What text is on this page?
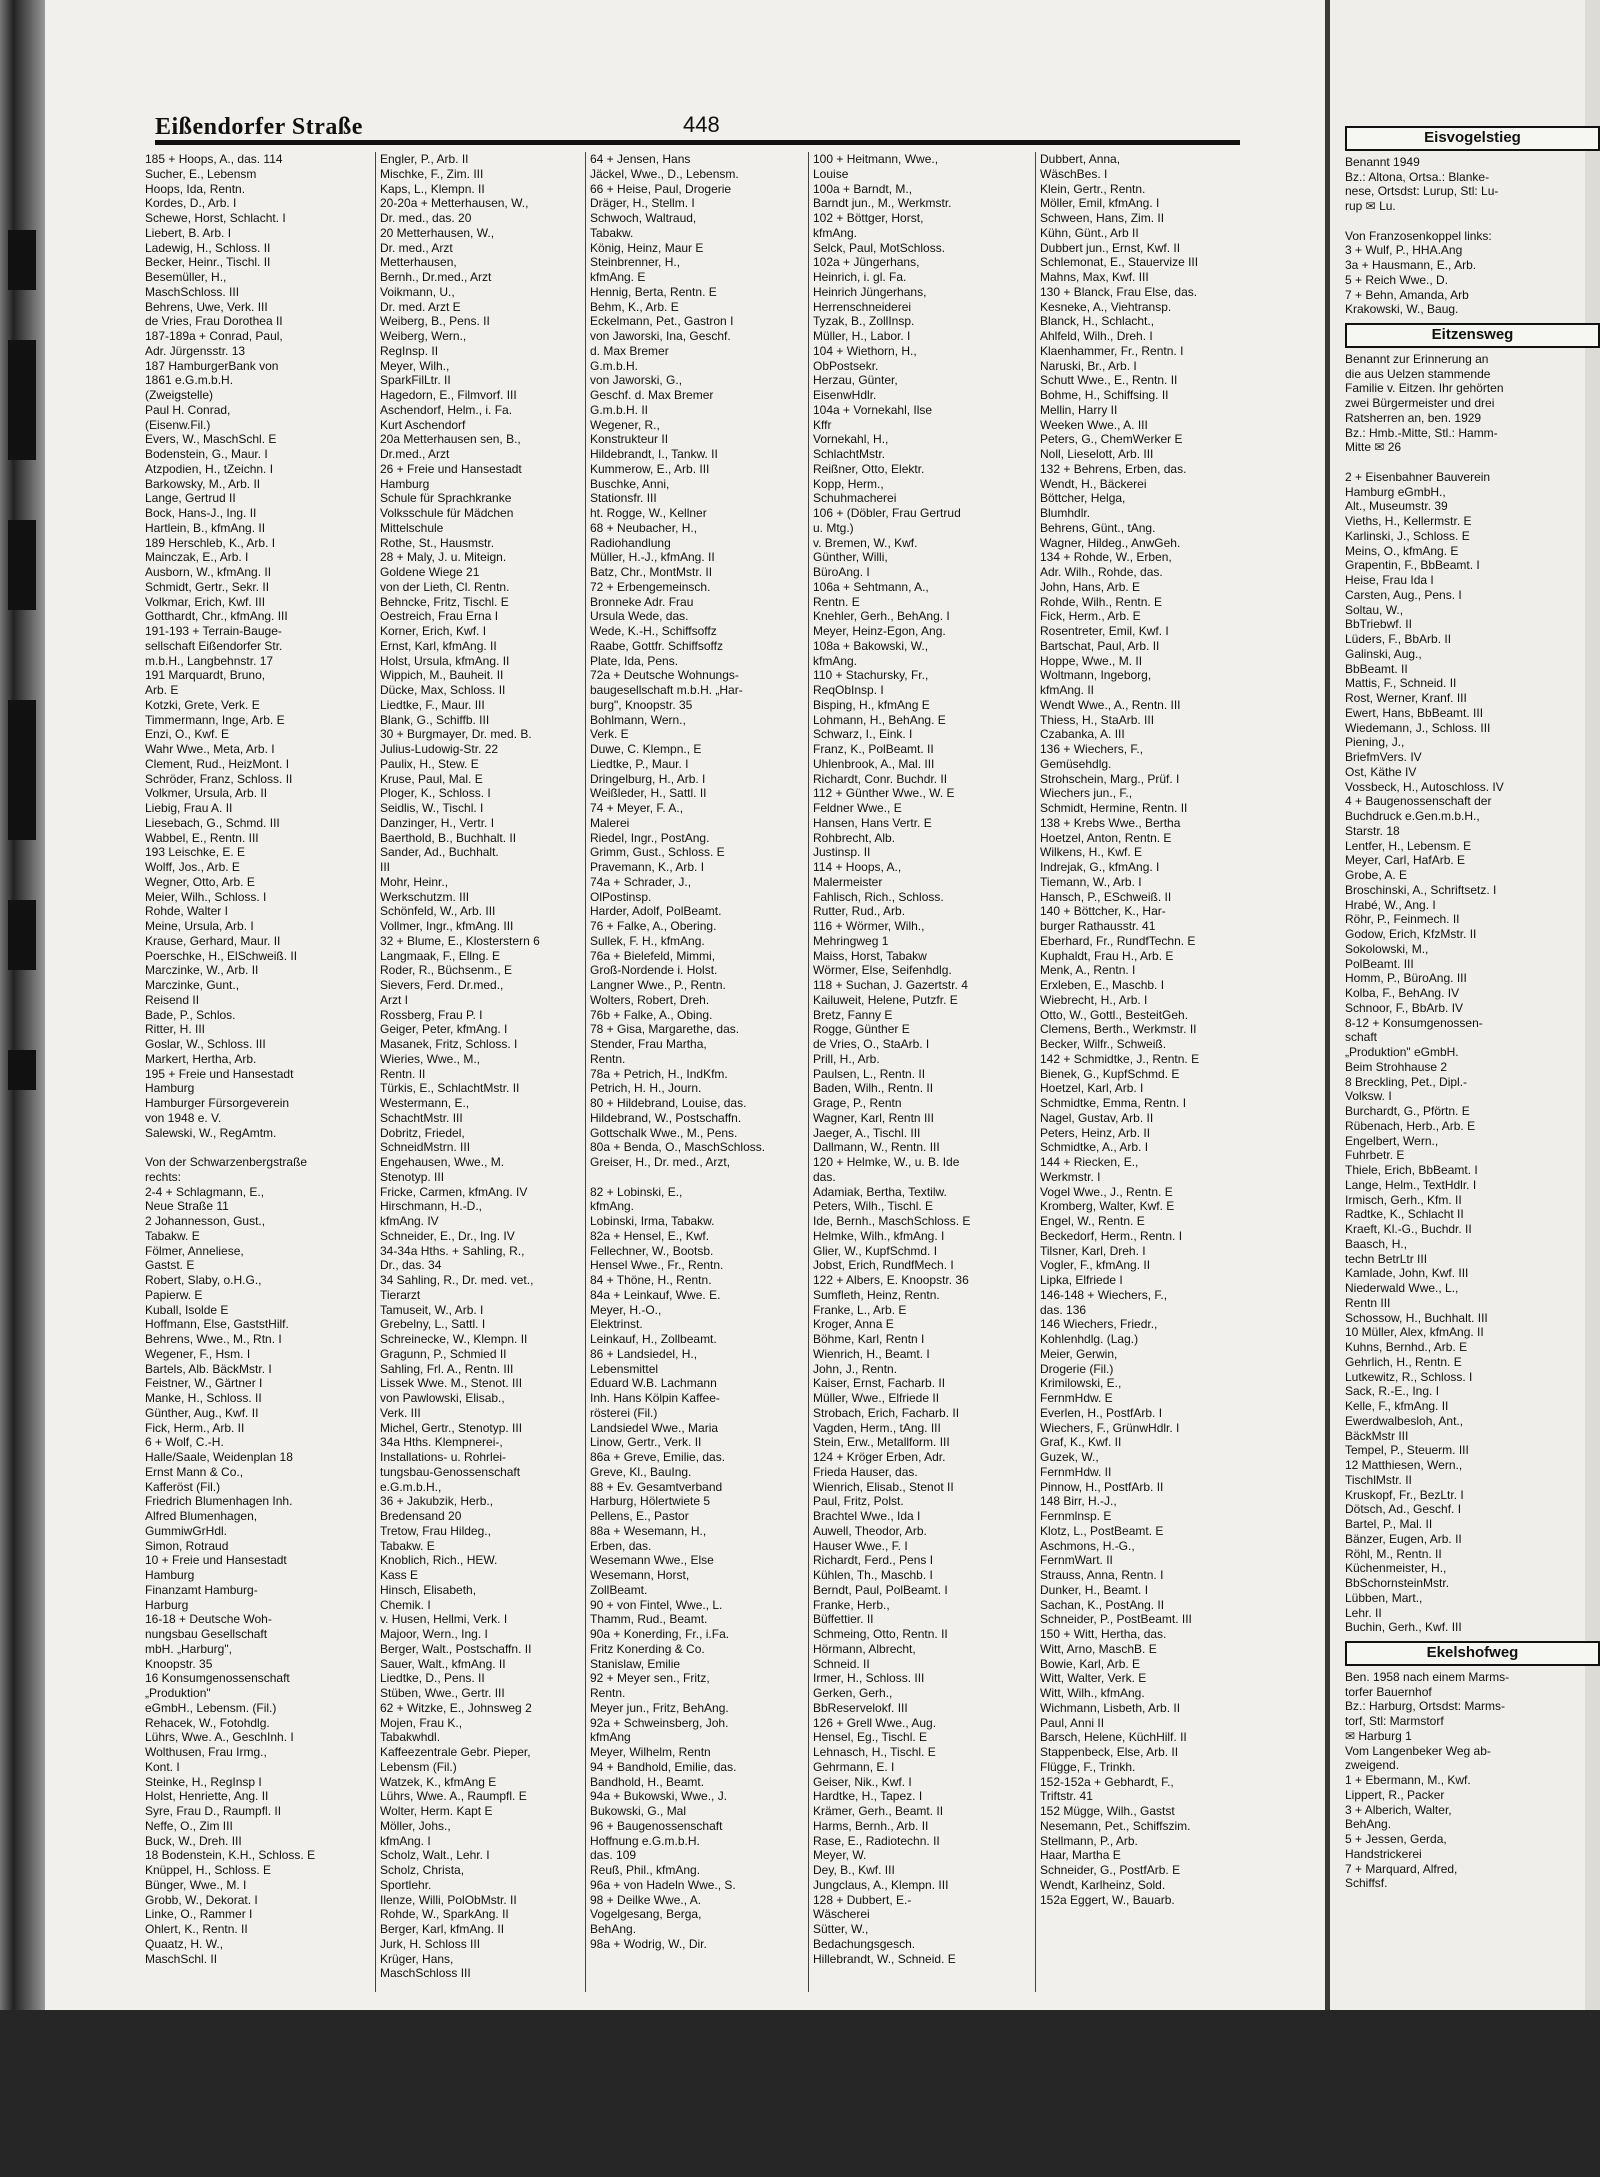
Eißendorfer Straße	448
185 + Hoops, A., das. 114
Sucher, E., Lebensm
Hoops, Ida, Rentn.
Kordes, D., Arb. I
Schewe, Horst, Schlacht. I
Liebert, B. Arb. I
Ladewig, H., Schloss. II
Becker, Heinr., Tischl. II
Besemüller, H.,
MaschSchloss. III
Behrens, Uwe, Verk. III
de Vries, Frau Dorothea II
187-189a + Conrad, Paul,
Adr. Jürgensstr. 13
187 HamburgerBank von
1861 e.G.m.b.H.
(Zweigstelle)
Paul H. Conrad,
(Eisenw.Fil.)
Evers, W., MaschSchl. E
Bodenstein, G., Maur. I
Atzpodien, H., tZeichn. I
Barkowsky, M., Arb. II
Lange, Gertrud II
Bock, Hans-J., Ing. II
Hartlein, B., kfmAng. II
189 Herschleb, K., Arb. I
Mainczak, E., Arb. I
Ausborn, W., kfmAng. II
Schmidt, Gertr., Sekr. II
Volkmar, Erich, Kwf. III
Gotthardt, Chr., kfmAng. III
191-193 + Terrain-Bauge-
sellschaft Eißendorfer Str.
m.b.H., Langbehnstr. 17
191 Marquardt, Bruno,
Arb. E
Kotzki, Grete, Verk. E
Timmermann, Inge, Arb. E
Enzi, O., Kwf. E
Wahr Wwe., Meta, Arb. I
Clement, Rud., HeizMont. I
Schröder, Franz, Schloss. II
Volkmer, Ursula, Arb. II
Liebig, Frau A. II
Liesebach, G., Schmd. III
Wabbel, E., Rentn. III
193 Leischke, E. E
Wolff, Jos., Arb. E
Wegner, Otto, Arb. E
Meier, Wilh., Schloss. I
Rohde, Walter I
Meine, Ursula, Arb. I
Krause, Gerhard, Maur. II
Poerschke, H., ElSchweiß. II
Marczinke, W., Arb. II
Marczinke, Gunt.,
Reisend II
Bade, P., Schlos.
Ritter, H. III
Goslar, W., Schloss. III
Markert, Hertha, Arb.
195 + Freie und Hansestadt
Hamburg
Hamburger Fürsorgeverein
von 1948 e. V.
Salewski, W., RegAmtm.

Von der Schwarzenbergstraße
rechts:
2-4 + Schlagmann, E.,
Neue Straße 11
2 Johannesson, Gust.,
Tabakw. E
Fölmer, Anneliese,
Gastst. E
Robert, Slaby, o.H.G.,
Papierw. E
Kuball, Isolde E
Hoffmann, Else, GaststHilf.
Behrens, Wwe., M., Rtn. I
Wegener, F., Hsm. I
Bartels, Alb. BäckMstr. I
Feistner, W., Gärtner I
Manke, H., Schloss. II
Günther, Aug., Kwf. II
Fick, Herm., Arb. II
6 + Wolf, C.-H.
Halle/Saale, Weidenplan 18
Ernst Mann & Co.,
Kafferöst (Fil.)
Friedrich Blumenhagen Inh.
Alfred Blumenhagen,
GummiwGrHdl.
Simon, Rotraud
10 + Freie und Hansestadt
Hamburg
Finanzamt Hamburg-
Harburg
16-18 + Deutsche Woh-
nungsbau Gesellschaft
mbH. „Harburg",
Knoopstr. 35
16 Konsumgenossenschaft
„Produktion"
eGmbH., Lebensm. (Fil.)
Rehacek, W., Fotohdlg.
Lührs, Wwe. A., GeschInh. I
Wolthusen, Frau Irmg.,
Kont. I
Steinke, H., RegInsp I
Holst, Henriette, Ang. II
Syre, Frau D., Raumpfl. II
Neffe, O., Zim III
Buck, W., Dreh. III
18 Bodenstein, K.H., Schloss. E
Knüppel, H., Schloss. E
Bünger, Wwe., M. I
Grobb, W., Dekorat. I
Linke, O., Rammer I
Ohlert, K., Rentn. II
Quaatz, H. W.,
MaschSchl. II
Engler, P., Arb. II
Mischke, F., Zim. III
Kaps, L., Klempn. II
20-20a + Metterhausen, W.,
Dr. med., das. 20
20 Metterhausen, W.,
Dr. med., Arzt
Metterhausen,
Bernh., Dr.med., Arzt
Voikmann, U.,
Dr. med. Arzt E
Weiberg, B., Pens. II
Weiberg, Wern.,
RegInsp. II
Meyer, Wilh.,
SparkFilLtr. II
Hagedorn, E., Filmvorf. III
Aschendorf, Helm., i. Fa.
Kurt Aschendorf
20a Metterhausen sen, B.,
Dr.med., Arzt
26 + Freie und Hansestadt
Hamburg
Schule für Sprachkranke
Volksschule für Mädchen
Mittelschule
Rothe, St., Hausmstr.
28 + Maly, J. u. Miteign.
Goldene Wiege 21
von der Lieth, Cl. Rentn.
Behncke, Fritz, Tischl. E
Oestreich, Frau Erna I
Korner, Erich, Kwf. I
Ernst, Karl, kfmAng. II
Holst, Ursula, kfmAng. II
Wippich, M., Bauheit. II
Dücke, Max, Schloss. II
Liedtke, F., Maur. III
Blank, G., Schiffb. III
30 + Burgmayer, Dr. med. B.
Julius-Ludowig-Str. 22
Paulix, H., Stew. E
Kruse, Paul, Mal. E
Ploger, K., Schloss. I
Seidlis, W., Tischl. I
Danzinger, H., Vertr. I
Baerthold, B., Buchhalt. II
Sander, Ad., Buchhalt.
III
Mohr, Heinr.,
Werkschutzm. III
Schönfeld, W., Arb. III
Vollmer, Ingr., kfmAng. III
32 + Blume, E., Klosterstern 6
Langmaak, F., Ellng. E
Roder, R., Büchsenm., E
Sievers, Ferd. Dr.med.,
Arzt I
Rossberg, Frau P. I
Geiger, Peter, kfmAng. I
Masanek, Fritz, Schloss. I
Wieries, Wwe., M.,
Rentn. II
Türkis, E., SchlachtMstr. II
Westermann, E.,
SchachtMstr. III
Dobritz, Friedel,
SchneidMstrn. III
Engehausen, Wwe., M.
Stenotyp. III
Fricke, Carmen, kfmAng. IV
Hirschmann, H.-D.,
kfmAng. IV
Schneider, E., Dr., Ing. IV
34-34a Hths. + Sahling, R.,
Dr., das. 34
34 Sahling, R., Dr. med. vet.,
Tierarzt
Tamuseit, W., Arb. I
Grebelny, L., Sattl. I
Schreinecke, W., Klempn. II
Gragunn, P., Schmied II
Sahling, Frl. A., Rentn. III
Lissek Wwe. M., Stenot. III
von Pawlowski, Elisab.,
Verk. III
Michel, Gertr., Stenotyp. III
34a Hths. Klempnerei-,
Installations- u. Rohrlei-
tungsbau-Genossenschaft
e.G.m.b.H.,
36 + Jakubzik, Herb.,
Bredensand 20
Tretow, Frau Hildeg.,
Tabakw. E
Knoblich, Rich., HEW.
Kass E
Hinsch, Elisabeth,
Chemik. I
v. Husen, Hellmi, Verk. I
Majoor, Wern., Ing. I
Berger, Walt., Postschaffn. II
Sauer, Walt., kfmAng. II
Liedtke, D., Pens. II
Stüben, Wwe., Gertr. III
62 + Witzke, E., Johnsweg 2
Mojen, Frau K.,
Tabakwhdl.
Kaffeezentrale Gebr. Pieper,
Lebensm (Fil.)
Watzek, K., kfmAng E
Lührs, Wwe. A., Raumpfl. E
Wolter, Herm. Kapt E
Möller, Johs.,
kfmAng. I
Scholz, Walt., Lehr. I
Scholz, Christa,
Sportlehr.
Ilenze, Willi, PolObMstr. II
Rohde, W., SparkAng. II
Berger, Karl, kfmAng. II
Jurk, H. Schloss III
Krüger, Hans,
MaschSchloss III
64 + Jensen, Hans
Jäckel, Wwe., D., Lebensm.
66 + Heise, Paul, Drogerie
Dräger, H., Stellm. I
Schwoch, Waltraud,
Tabakw.
König, Heinz, Maur E
Steinbrenner, H.,
kfmAng. E
Hennig, Berta, Rentn. E
Behm, K., Arb. E
Eckelmann, Pet., Gastron I
von Jaworski, Ina, Geschf.
d. Max Bremer
G.m.b.H.
von Jaworski, G.,
Geschf. d. Max Bremer
G.m.b.H. II
Wegener, R.,
Konstrukteur II
Hildebrandt, I., Tankw. II
Kummerow, E., Arb. III
Buschke, Anni,
Stationsfr. III
ht. Rogge, W., Kellner
68 + Neubacher, H.,
Radiohandlung
Müller, H.-J., kfmAng. II
Batz, Chr., MontMstr. II
72 + Erbengemeinsch.
Bronneke Adr. Frau
Ursula Wede, das.
Wede, K.-H., Schiffsoffz
Raabe, Gottfr. Schiffsoffz
Plate, Ida, Pens.
72a + Deutsche Wohnungs-
baugesellschaft m.b.H. „Har-
burg", Knoopstr. 35
Bohlmann, Wern.,
Verk. E
Duwe, C. Klempn., E
Liedtke, P., Maur. I
Dringelburg, H., Arb. I
Weißleder, H., Sattl. II
74 + Meyer, F. A.,
Malerei
Riedel, Ingr., PostAng.
Grimm, Gust., Schloss. E
Pravemann, K., Arb. I
74a + Schrader, J.,
OlPostinsp.
Harder, Adolf, PolBeamt.
76 + Falke, A., Obering.
Sullek, F. H., kfmAng.
76a + Bielefeld, Mimmi,
Groß-Nordende i. Holst.
Langner Wwe., P., Rentn.
Wolters, Robert, Dreh.
76b + Falke, A., Obing.
78 + Gisa, Margarethe, das.
Stender, Frau Martha,
Rentn.
78a + Petrich, H., IndKfm.
Petrich, H. H., Journ.
80 + Hildebrand, Louise, das.
Hildebrand, W., Postschaffn.
Gottschalk Wwe., M., Pens.
80a + Benda, O., MaschSchloss.
Greiser, H., Dr. med., Arzt,

82 + Lobinski, E.,
kfmAng.
Lobinski, Irma, Tabakw.
82a + Hensel, E., Kwf.
Fellechner, W., Bootsb.
Hensel Wwe., Fr., Rentn.
84 + Thöne, H., Rentn.
84a + Leinkauf, Wwe. E.
Meyer, H.-O.,
Elektrinst.
Leinkauf, H., Zollbeamt.
86 + Landsiedel, H.,
Lebensmittel
Eduard W.B. Lachmann
Inh. Hans Kölpin Kaffee-
rösterei (Fil.)
Landsiedel Wwe., Maria
Linow, Gertr., Verk. II
86a + Greve, Emilie, das.
Greve, Kl., BauIng.
88 + Ev. Gesamtverband
Harburg, Hölertwiete 5
Pellens, E., Pastor
88a + Wesemann, H.,
Erben, das.
Wesemann Wwe., Else
Wesemann, Horst,
ZollBeamt.
90 + von Fintel, Wwe., L.
Thamm, Rud., Beamt.
90a + Konerding, Fr., i.Fa.
Fritz Konerding & Co.
Stanislaw, Emilie
92 + Meyer sen., Fritz,
Rentn.
Meyer jun., Fritz, BehAng.
92a + Schweinsberg, Joh.
kfmAng
Meyer, Wilhelm, Rentn
94 + Bandhold, Emilie, das.
Bandhold, H., Beamt.
94a + Bukowski, Wwe., J.
Bukowski, G., Mal
96 + Baugenossenschaft
Hoffnung e.G.m.b.H.
das. 109
Reuß, Phil., kfmAng.
96a + von Hadeln Wwe., S.
98 + Deilke Wwe., A.
Vogelgesang, Berga,
BehAng.
98a + Wodrig, W., Dir.
100 + Heitmann, Wwe.,
Louise
100a + Barndt, M.,
Barndt jun., M., Werkmstr.
102 + Böttger, Horst,
kfmAng.
Selck, Paul, MotSchloss.
102a + Jüngerhans,
Heinrich, i. gl. Fa.
Heinrich Jüngerhans,
Herrenschneiderei
Tyzak, B., ZollInsp.
Müller, H., Labor. I
104 + Wiethorn, H.,
ObPostsekr.
Herzau, Günter,
EisenwHdlr.
104a + Vornekahl, Ilse
Kffr
Vornekahl, H.,
SchlachtMstr.
Reißner, Otto, Elektr.
Kopp, Herm.,
Schuhmacherei
106 + (Döbler, Frau Gertrud
u. Mtg.)
v. Bremen, W., Kwf.
Günther, Willi,
BüroAng. I
106a + Sehtmann, A.,
Rentn. E
Knehler, Gerh., BehAng. I
Meyer, Heinz-Egon, Ang.
108a + Bakowski, W.,
kfmAng.
110 + Stachursky, Fr.,
ReqObInsp. I
Bisping, H., kfmAng E
Lohmann, H., BehAng. E
Schwarz, I., Eink. I
Franz, K., PolBeamt. II
Uhlenbrook, A., Mal. III
Richardt, Conr. Buchdr. II
112 + Günther Wwe., W. E
Feldner Wwe., E
Hansen, Hans Vertr. E
Rohbrecht, Alb.
Justinsp. II
114 + Hoops, A.,
Malermeister
Fahlisch, Rich., Schloss.
Rutter, Rud., Arb.
116 + Wörmer, Wilh.,
Mehringweg 1
Maiss, Horst, Tabakw
Wörmer, Else, Seifenhdlg.
118 + Suchan, J. Gazertstr. 4
Kailuweit, Helene, Putzfr. E
Bretz, Fanny E
Rogge, Günther E
de Vries, O., StaArb. I
Prill, H., Arb.
Paulsen, L., Rentn. II
Baden, Wilh., Rentn. II
Grage, P., Rentn
Wagner, Karl, Rentn III
Jaeger, A., Tischl. III
Dallmann, W., Rentn. III
120 + Helmke, W., u. B. Ide
das.
Adamiak, Bertha, Textilw.
Peters, Wilh., Tischl. E
Ide, Bernh., MaschSchloss. E
Helmke, Wilh., kfmAng. I
Glier, W., KupfSchmd. I
Jobst, Erich, RundfMech. I
122 + Albers, E. Knoopstr. 36
Sumfleth, Heinz, Rentn.
Franke, L., Arb. E
Kroger, Anna E
Böhme, Karl, Rentn I
Wienrich, H., Beamt. I
John, J., Rentn.
Kaiser, Ernst, Facharb. II
Müller, Wwe., Elfriede II
Strobach, Erich, Facharb. II
Vagden, Herm., tAng. III
Stein, Erw., Metallform. III
124 + Kröger Erben, Adr.
Frieda Hauser, das.
Wienrich, Elisab., Stenot II
Paul, Fritz, Polst.
Brachtel Wwe., Ida I
Auwell, Theodor, Arb.
Hauser Wwe., F. I
Richardt, Ferd., Pens I
Kühlen, Th., Maschb. I
Berndt, Paul, PolBeamt. I
Franke, Herb.,
Büffettier. II
Schmeing, Otto, Rentn. II
Hörmann, Albrecht,
Schneid. II
Irmer, H., Schloss. III
Gerken, Gerh.,
BbReservelokf. III
126 + Grell Wwe., Aug.
Hensel, Eg., Tischl. E
Lehnasch, H., Tischl. E
Gehrmann, E. I
Geiser, Nik., Kwf. I
Hardtke, H., Tapez. I
Krämer, Gerh., Beamt. II
Harms, Bernh., Arb. II
Rase, E., Radiotechn. II
Meyer, W.
Dey, B., Kwf. III
Jungclaus, A., Klempn. III
128 + Dubbert, E.-
Wäscherei
Sütter, W.,
Bedachungsgesch.
Hillebrandt, W., Schneid. E
Dubbert, Anna,
WäschBes. I
Klein, Gertr., Rentn.
Möller, Emil, kfmAng. I
Schween, Hans, Zim. II
Kühn, Günt., Arb II
Dubbert jun., Ernst, Kwf. II
Schlemonat, E., Stauervize III
Mahns, Max, Kwf. III
130 + Blanck, Frau Else, das.
Kesneke, A., Viehtransp.
Blanck, H., Schlacht.,
Ahlfeld, Wilh., Dreh. I
Klaenhammer, Fr., Rentn. I
Naruski, Br., Arb. I
Schutt Wwe., E., Rentn. II
Bohme, H., Schiffsing. II
Mellin, Harry II
Weeken Wwe., A. III
Peters, G., ChemWerker E
Noll, Lieselott, Arb. III
132 + Behrens, Erben, das.
Wendt, H., Bäckerei
Böttcher, Helga,
Blumhdlr.
Behrens, Günt., tAng.
Wagner, Hildeg., AnwGeh.
134 + Rohde, W., Erben,
Adr. Wilh., Rohde, das.
John, Hans, Arb. E
Rohde, Wilh., Rentn. E
Fick, Herm., Arb. E
Rosentreter, Emil, Kwf. I
Bartschat, Paul, Arb. II
Hoppe, Wwe., M. II
Woltmann, Ingeborg,
kfmAng. II
Wendt Wwe., A., Rentn. III
Thiess, H., StaArb. III
Czabanka, A. III
136 + Wiechers, F.,
Gemüsehdlg.
Strohschein, Marg., Prüf. I
Wiechers jun., F.,
Schmidt, Hermine, Rentn. II
138 + Krebs Wwe., Bertha
Hoetzel, Anton, Rentn. E
Wilkens, H., Kwf. E
Indrejak, G., kfmAng. I
Tiemann, W., Arb. I
Hansch, P., ESchweiß. II
140 + Böttcher, K., Har-
burger Rathausstr. 41
Eberhard, Fr., RundfTechn. E
Kuphaldt, Frau H., Arb. E
Menk, A., Rentn. I
Erxleben, E., Maschb. I
Wiebrecht, H., Arb. I
Otto, W., Gottl., BesteitGeh.
Clemens, Berth., Werkmstr. II
Becker, Wilfr., Schweiß.
142 + Schmidtke, J., Rentn. E
Bienek, G., KupfSchmd. E
Hoetzel, Karl, Arb. I
Schmidtke, Emma, Rentn. I
Nagel, Gustav, Arb. II
Peters, Heinz, Arb. II
Schmidtke, A., Arb. I
144 + Riecken, E.,
Werkmstr. I
Vogel Wwe., J., Rentn. E
Kromberg, Walter, Kwf. E
Engel, W., Rentn. E
Beckedorf, Herm., Rentn. I
Tilsner, Karl, Dreh. I
Vogler, F., kfmAng. II
Lipka, Elfriede I
146-148 + Wiechers, F.,
das. 136
146 Wiechers, Friedr.,
Kohlenhdlg. (Lag.)
Meier, Gerwin,
Drogerie (Fil.)
Krimilowski, E.,
FernmHdw. E
Everlen, H., PostfArb. I
Wiechers, F., GrünwHdlr. I
Graf, K., Kwf. II
Guzek, W.,
FernmHdw. II
Pinnow, H., PostfArb. II
148 Birr, H.-J.,
Fernmlnsp. E
Klotz, L., PostBeamt. E
Aschmons, H.-G.,
FernmWart. II
Strauss, Anna, Rentn. I
Dunker, H., Beamt. I
Sachan, K., PostAng. II
Schneider, P., PostBeamt. III
150 + Witt, Hertha, das.
Witt, Arno, MaschB. E
Bowie, Karl, Arb. E
Witt, Walter, Verk. E
Witt, Wilh., kfmAng.
Wichmann, Lisbeth, Arb. II
Paul, Anni II
Barsch, Helene, KüchHilf. II
Stappenbeck, Else, Arb. II
Flügge, F., Trinkh.
152-152a + Gebhardt, F.,
Triftstr. 41
152 Mügge, Wilh., Gastst
Nesemann, Pet., Schiffszim.
Stellmann, P., Arb.
Haar, Martha E
Schneider, G., PostfArb. E
Wendt, Karlheinz, Sold.
152a Eggert, W., Bauarb.
Eisvogelstieg
Benannt 1949
Bz.: Altona, Ortsa.: Blanke-
nese, Ortsdst: Lurup, Stl: Lu-
rup ✉ Lu.

Von Franzosenkoppel links:
3 + Wulf, P., HHA.Ang
3a + Hausmann, E., Arb.
5 + Reich Wwe., D.
7 + Behn, Amanda, Arb
Krakowski, W., Baug.
Eitzensweg
Benannt zur Erinnerung an
die aus Uelzen stammende
Familie v. Eitzen. Ihr gehörten
zwei Bürgermeister und drei
Ratsherren an, ben. 1929
Bz.: Hmb.-Mitte, Stl.: Hamm-
Mitte ✉ 26

2 + Eisenbahner Bauverein
Hamburg eGmbH.,
Alt., Museumstr. 39
Vieths, H., Kellermstr. E
Karlinski, J., Schloss. E
Meins, O., kfmAng. E
Grapentin, F., BbBeamt. I
Heise, Frau Ida I
Carsten, Aug., Pens. I
Soltau, W.,
BbTriebwf. II
Lüders, F., BbArb. II
Galinski, Aug.,
BbBeamt. II
Mattis, F., Schneid. II
Rost, Werner, Kranf. III
Ewert, Hans, BbBeamt. III
Wiedemann, J., Schloss. III
Piening, J.,
BriefmVers. IV
Ost, Käthe IV
Vossbeck, H., Autoschloss. IV
4 + Baugenossenschaft der
Buchdruck e.Gen.m.b.H.,
Starstr. 18
Lentfer, H., Lebensm. E
Meyer, Carl, HafArb. E
Grobe, A. E
Broschinski, A., Schriftsetz. I
Hrabé, W., Ang. I
Röhr, P., Feinmech. II
Godow, Erich, KfzMstr. II
Sokolowski, M.,
PolBeamt. III
Homm, P., BüroAng. III
Kolba, F., BehAng. IV
Schnoor, F., BbArb. IV
8-12 + Konsumgenossen-
schaft
„Produktion" eGmbH.
Beim Strohhause 2
8 Breckling, Pet., Dipl.-
Volksw. I
Burchardt, G., Pförtn. E
Rübenach, Herb., Arb. E
Engelbert, Wern.,
Fuhrbetr. E
Thiele, Erich, BbBeamt. I
Lange, Helm., TextHdlr. I
Irmisch, Gerh., Kfm. II
Radtke, K., Schlacht II
Kraeft, Kl.-G., Buchdr. II
Baasch, H.,
techn BetrLtr III
Kamlade, John, Kwf. III
Niederwald Wwe., L.,
Rentn III
Schossow, H., Buchhalt. III
10 Müller, Alex, kfmAng. II
Kuhns, Bernhd., Arb. E
Gehrlich, H., Rentn. E
Lutkewitz, R., Schloss. I
Sack, R.-E., Ing. I
Kelle, F., kfmAng. II
Ewerdwalbesloh, Ant.,
BäckMstr III
Tempel, P., Steuerm. III
12 Matthiesen, Wern.,
TischlMstr. II
Kruskopf, Fr., BezLtr. I
Dötsch, Ad., Geschf. I
Bartel, P., Mal. II
Bänzer, Eugen, Arb. II
Röhl, M., Rentn. II
Küchenmeister, H.,
BbSchornsteinMstr.
Lübben, Mart.,
Lehr. II
Buchin, Gerh., Kwf. III
Ekelshofweg
Ben. 1958 nach einem Marms-
torfer Bauernhof
Bz.: Harburg, Ortsdst: Marms-
torf, Stl: Marmstorf
✉ Harburg 1
Vom Langenbeker Weg ab-
zweigend.
1 + Ebermann, M., Kwf.
Lippert, R., Packer
3 + Alberich, Walter,
BehAng.
5 + Jessen, Gerda,
Handstrickerei
7 + Marquard, Alfred,
Schiffsf.
